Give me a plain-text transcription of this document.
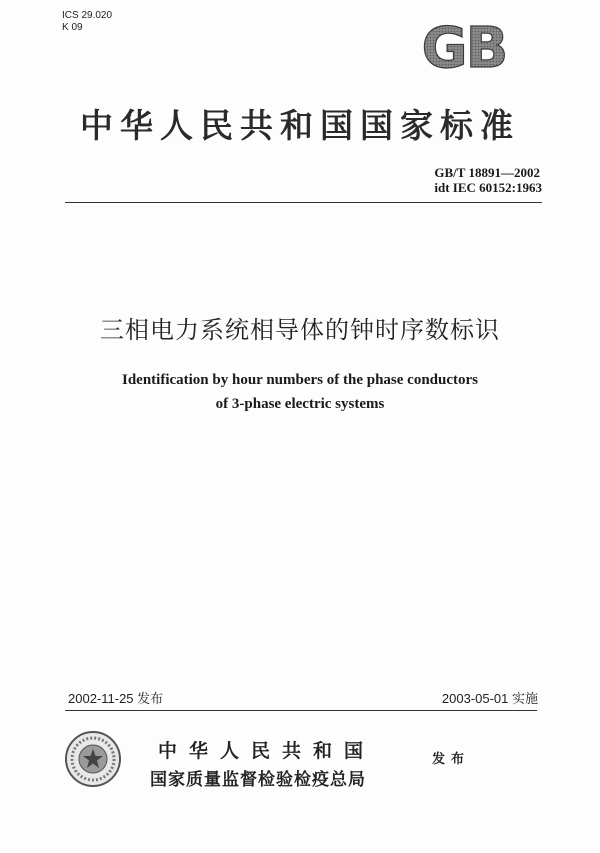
ICS 29.020
K 09	GB
中华人民共和国国家标准
GB/T 18891—2002
idt IEC 60152:1963
三相电力系统相导体的钟时序数标识
Identification by hour numbers of the phase conductors
of 3-phase electric systems
2002-11-25 发布	2003-05-01 实施
中华人民共和国
国家质量监督检验检疫总局
发布
